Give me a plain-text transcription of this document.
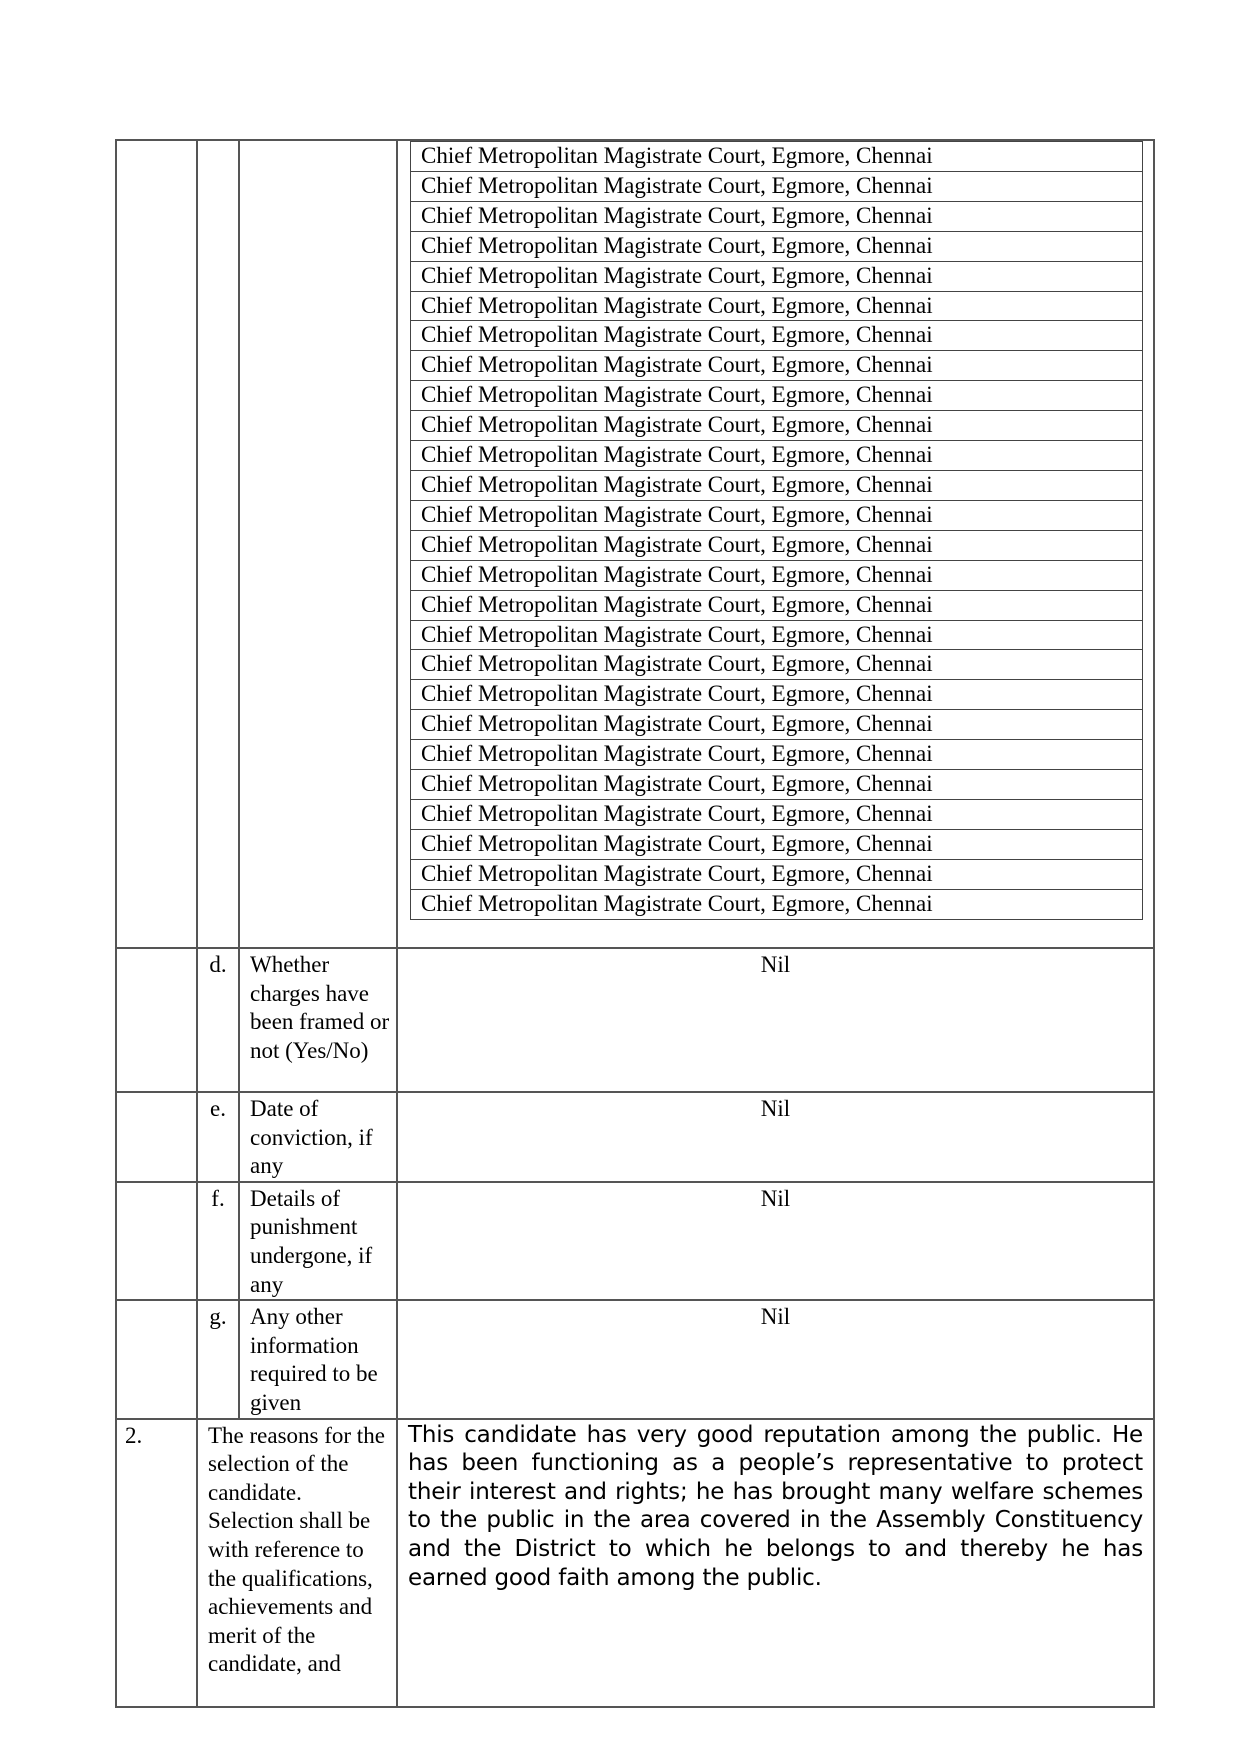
Chief Metropolitan Magistrate Court, Egmore, Chennai
Chief Metropolitan Magistrate Court, Egmore, Chennai
Chief Metropolitan Magistrate Court, Egmore, Chennai
Chief Metropolitan Magistrate Court, Egmore, Chennai
Chief Metropolitan Magistrate Court, Egmore, Chennai
Chief Metropolitan Magistrate Court, Egmore, Chennai
Chief Metropolitan Magistrate Court, Egmore, Chennai
Chief Metropolitan Magistrate Court, Egmore, Chennai
Chief Metropolitan Magistrate Court, Egmore, Chennai
Chief Metropolitan Magistrate Court, Egmore, Chennai
Chief Metropolitan Magistrate Court, Egmore, Chennai
Chief Metropolitan Magistrate Court, Egmore, Chennai
Chief Metropolitan Magistrate Court, Egmore, Chennai
Chief Metropolitan Magistrate Court, Egmore, Chennai
Chief Metropolitan Magistrate Court, Egmore, Chennai
Chief Metropolitan Magistrate Court, Egmore, Chennai
Chief Metropolitan Magistrate Court, Egmore, Chennai
Chief Metropolitan Magistrate Court, Egmore, Chennai
Chief Metropolitan Magistrate Court, Egmore, Chennai
Chief Metropolitan Magistrate Court, Egmore, Chennai
Chief Metropolitan Magistrate Court, Egmore, Chennai
Chief Metropolitan Magistrate Court, Egmore, Chennai
Chief Metropolitan Magistrate Court, Egmore, Chennai
Chief Metropolitan Magistrate Court, Egmore, Chennai
Chief Metropolitan Magistrate Court, Egmore, Chennai
Chief Metropolitan Magistrate Court, Egmore, Chennai

	d.	Whether charges have been framed or not (Yes/No)	Nil
	e.	Date of conviction, if any	Nil
	f.	Details of punishment undergone, if any	Nil
	g.	Any other information required to be given	Nil
2.	The reasons for the selection of the candidate. Selection shall be with reference to the qualifications, achievements and merit of the candidate, and	This candidate has very good reputation among the public. He has been functioning as a people’s representative to protect their interest and rights; he has brought many welfare schemes to the public in the area covered in the Assembly Constituency and the District to which he belongs to and thereby he has earned good faith among the public.
